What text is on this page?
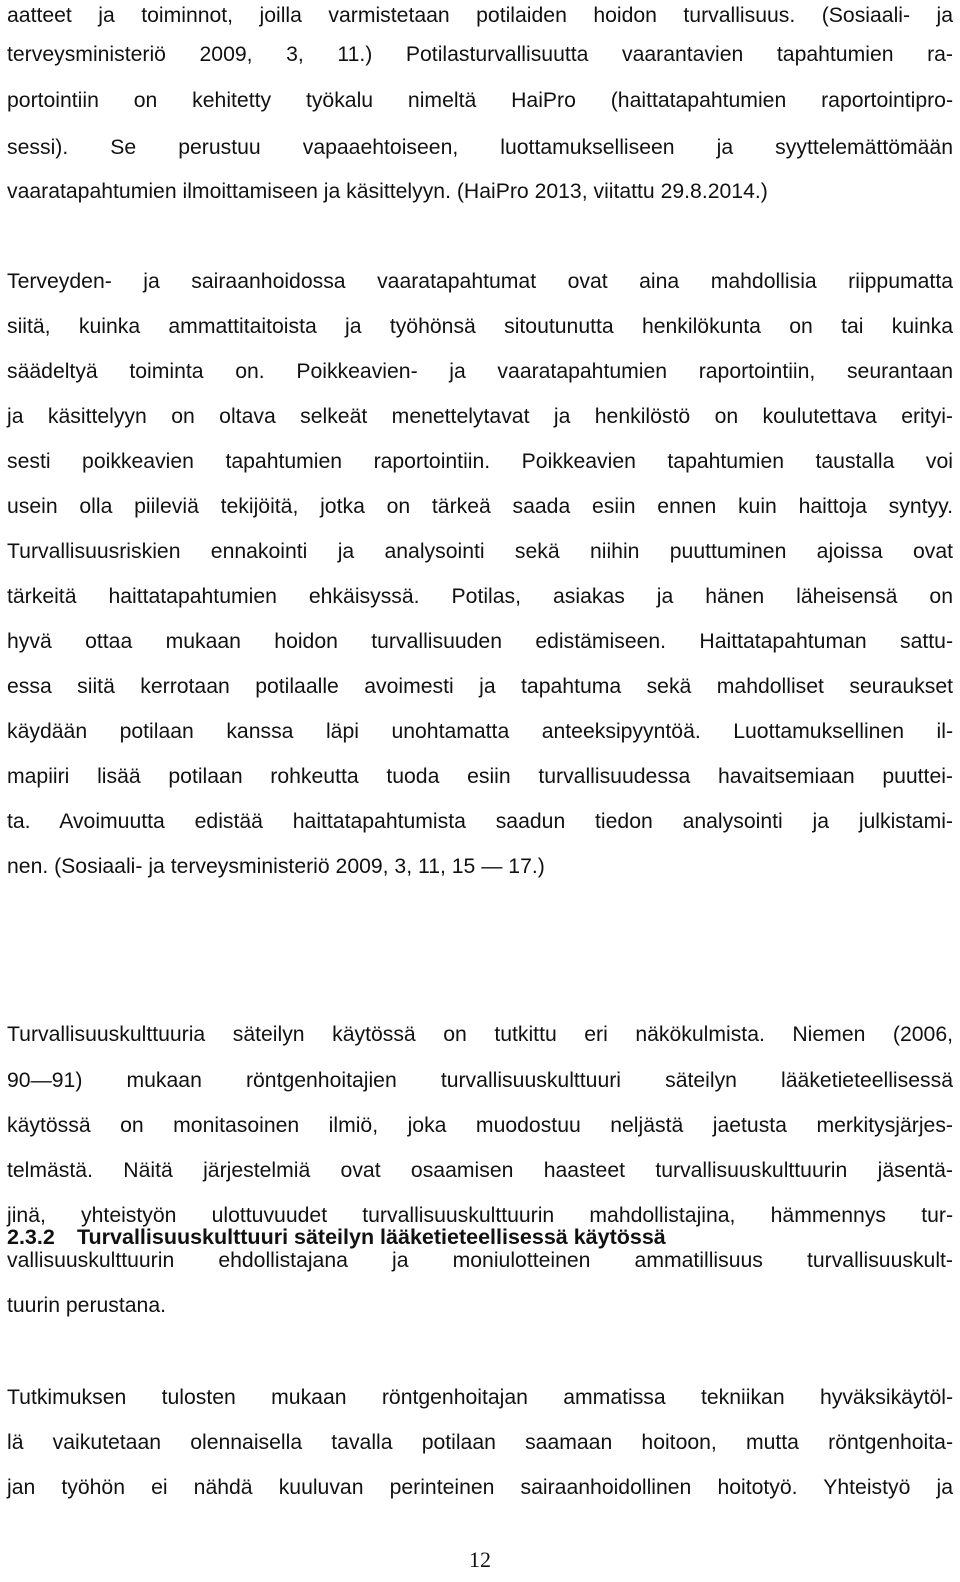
aatteet ja toiminnot, joilla varmistetaan potilaiden hoidon turvallisuus. (Sosiaali- ja
terveysministeriö 2009, 3, 11.) Potilasturvallisuutta vaarantavien tapahtumien ra-
portointiin on kehitetty työkalu nimeltä HaiPro (haittatapahtumien raportointipro-
sessi). Se perustuu vapaaehtoiseen, luottamukselliseen ja syyttelemättömään
vaaratapahtumien ilmoittamiseen ja käsittelyyn. (HaiPro 2013, viitattu 29.8.2014.)
Terveyden- ja sairaanhoidossa vaaratapahtumat ovat aina mahdollisia riippumatta
siitä, kuinka ammattitaitoista ja työhönsä sitoutunutta henkilökunta on tai kuinka
säädeltyä toiminta on. Poikkeavien- ja vaaratapahtumien raportointiin, seurantaan
ja käsittelyyn on oltava selkeät menettelytavat ja henkilöstö on koulutettava erityi-
sesti poikkeavien tapahtumien raportointiin. Poikkeavien tapahtumien taustalla voi
usein olla piileviä tekijöitä, jotka on tärkeä saada esiin ennen kuin haittoja syntyy.
Turvallisuusriskien ennakointi ja analysointi sekä niihin puuttuminen ajoissa ovat
tärkeitä haittatapahtumien ehkäisyssä. Potilas, asiakas ja hänen läheisensä on
hyvä ottaa mukaan hoidon turvallisuuden edistämiseen. Haittatapahtuman sattu-
essa siitä kerrotaan potilaalle avoimesti ja tapahtuma sekä mahdolliset seuraukset
käydään potilaan kanssa läpi unohtamatta anteeksipyyntöä. Luottamuksellinen il-
mapiiri lisää potilaan rohkeutta tuoda esiin turvallisuudessa havaitsemiaan puuttei-
ta. Avoimuutta edistää haittatapahtumista saadun tiedon analysointi ja julkistami-
nen. (Sosiaali- ja terveysministeriö 2009, 3, 11, 15 — 17.)
2.3.2 Turvallisuuskulttuuri säteilyn lääketieteellisessä käytössä
Turvallisuuskulttuuria säteilyn käytössä on tutkittu eri näkökulmista. Niemen (2006,
90—91) mukaan röntgenhoitajien turvallisuuskulttuuri säteilyn lääketieteellisessä
käytössä on monitasoinen ilmiö, joka muodostuu neljästä jaetusta merkitysjärjes-
telmästä. Näitä järjestelmiä ovat osaamisen haasteet turvallisuuskulttuurin jäsentä-
jinä, yhteistyön ulottuvuudet turvallisuuskulttuurin mahdollistajina, hämmennys tur-
vallisuuskulttuurin ehdollistajana ja moniulotteinen ammatillisuus turvallisuuskult-
tuurin perustana.
Tutkimuksen tulosten mukaan röntgenhoitajan ammatissa tekniikan hyväksikäytöl-
lä vaikutetaan olennaisella tavalla potilaan saamaan hoitoon, mutta röntgenhoita-
jan työhön ei nähdä kuuluvan perinteinen sairaanhoidollinen hoitotyö. Yhteistyö ja
12
